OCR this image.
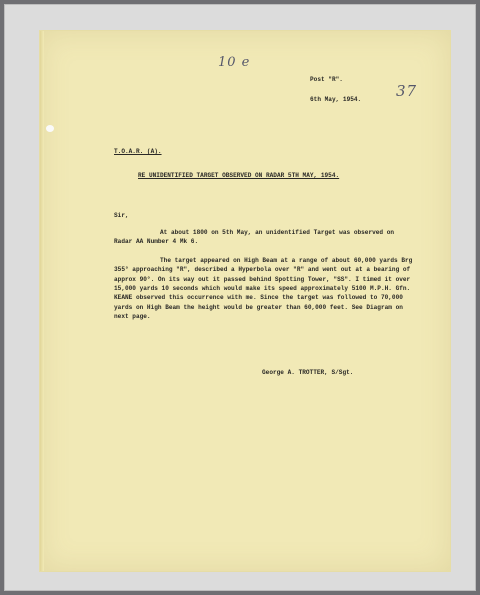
10 e
37
Post "R".
6th May, 1954.
T.O.A.R. (A).
RE UNIDENTIFIED TARGET OBSERVED ON RADAR 5TH MAY, 1954.
Sir,

At about 1800 on 5th May, an unidentified Target was observed on Radar AA Number 4 Mk 6.

The target appeared on High Beam at a range of about 60,000 yards Brg 355° approaching "R", described a Hyperbola over "R" and went out at a bearing of approx 90°. On its way out it passed behind Spotting Tower, "SS". I timed it over 15,000 yards 10 seconds which would make its speed approximately 5100 M.P.H. Gfn. KEANE observed this occurrence with me. Since the target was followed to 70,000 yards on High Beam the height would be greater than 60,000 feet. See Diagram on next page.

George A. TROTTER, S/Sgt.
